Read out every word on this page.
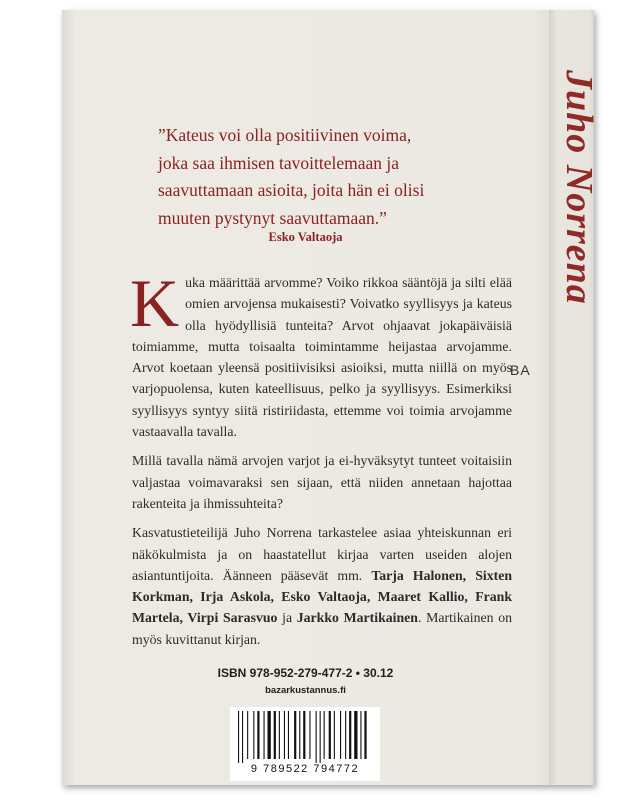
”Kateus voi olla positiivinen voima,
joka saa ihmisen tavoittelemaan ja
saavuttamaan asioita, joita hän ei olisi
muuten pystynyt saavuttamaan.”
Esko Valtaoja

Kuka määrittää arvomme? Voiko rikkoa sääntöjä ja silti elää omien arvojensa mukaisesti? Voivatko syyllisyys ja kateus olla hyödyllisiä tunteita? Arvot ohjaavat jokapäiväisiä toimiamme, mutta toisaalta toimintamme heijastaa arvojamme. Arvot koetaan yleensä positiivisiksi asioiksi, mutta niillä on myös varjopuolensa, kuten kateellisuus, pelko ja syyllisyys. Esimerkiksi syyllisyys syntyy siitä ristiriidasta, ettemme voi toimia arvojamme vastaavalla tavalla.

Millä tavalla nämä arvojen varjot ja ei-hyväksytyt tunteet voitaisiin valjastaa voimavaraksi sen sijaan, että niiden annetaan hajottaa rakenteita ja ihmissuhteita?

Kasvatustieteilijä Juho Norrena tarkastelee asiaa yhteiskunnan eri näkökulmista ja on haastatellut kirjaa varten useiden alojen asiantuntijoita. Äänneen pääsevät mm. Tarja Halonen, Sixten Korkman, Irja Askola, Esko Valtaoja, Maaret Kallio, Frank Martela, Virpi Sarasvuo ja Jarkko Martikainen. Martikainen on myös kuvittanut kirjan.

ISBN 978-952-279-477-2 • 30.12
bazarkustannus.fi
9 789522 794772
Juho Norrena
BA
